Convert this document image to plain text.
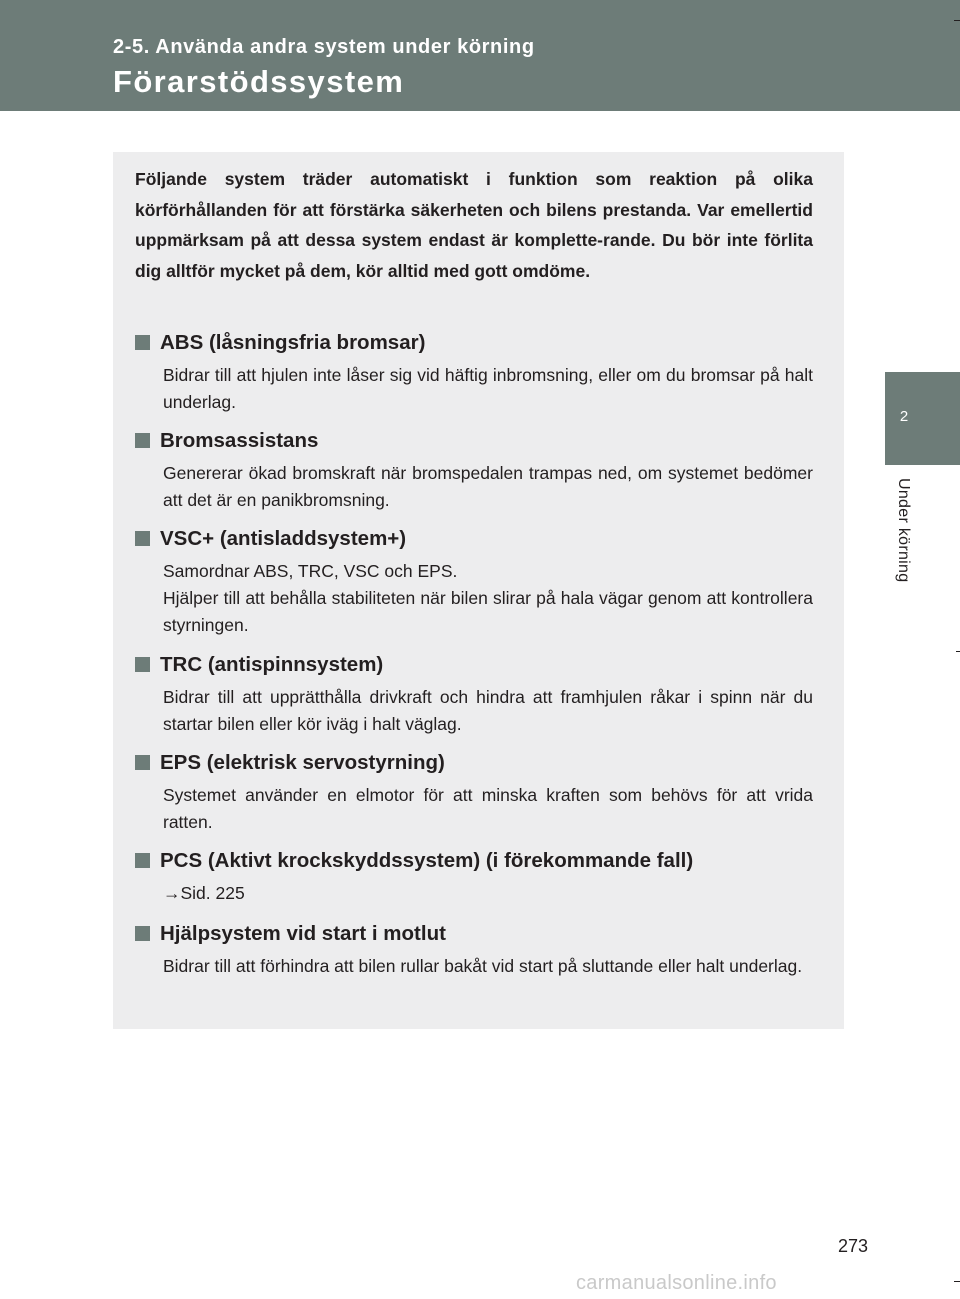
2-5. Använda andra system under körning
Förarstödssystem
2
Under körning

Följande system träder automatiskt i funktion som reaktion på olika körförhållanden för att förstärka säkerheten och bilens prestanda. Var emellertid uppmärksam på att dessa system endast är komplette-rande. Du bör inte förlita dig alltför mycket på dem, kör alltid med gott omdöme.

ABS (låsningsfria bromsar)
Bidrar till att hjulen inte låser sig vid häftig inbromsning, eller om du bromsar på halt underlag.
Bromsassistans
Genererar ökad bromskraft när bromspedalen trampas ned, om systemet bedömer att det är en panikbromsning.
VSC+ (antisladdsystem+)
Samordnar ABS, TRC, VSC och EPS.
Hjälper till att behålla stabiliteten när bilen slirar på hala vägar genom att kontrollera styrningen.
TRC (antispinnsystem)
Bidrar till att upprätthålla drivkraft och hindra att framhjulen råkar i spinn när du startar bilen eller kör iväg i halt väglag.
EPS (elektrisk servostyrning)
Systemet använder en elmotor för att minska kraften som behövs för att vrida ratten.
PCS (Aktivt krockskyddssystem) (i förekommande fall)
→Sid. 225
Hjälpsystem vid start i motlut
Bidrar till att förhindra att bilen rullar bakåt vid start på sluttande eller halt underlag.
273
carmanualsonline.info
